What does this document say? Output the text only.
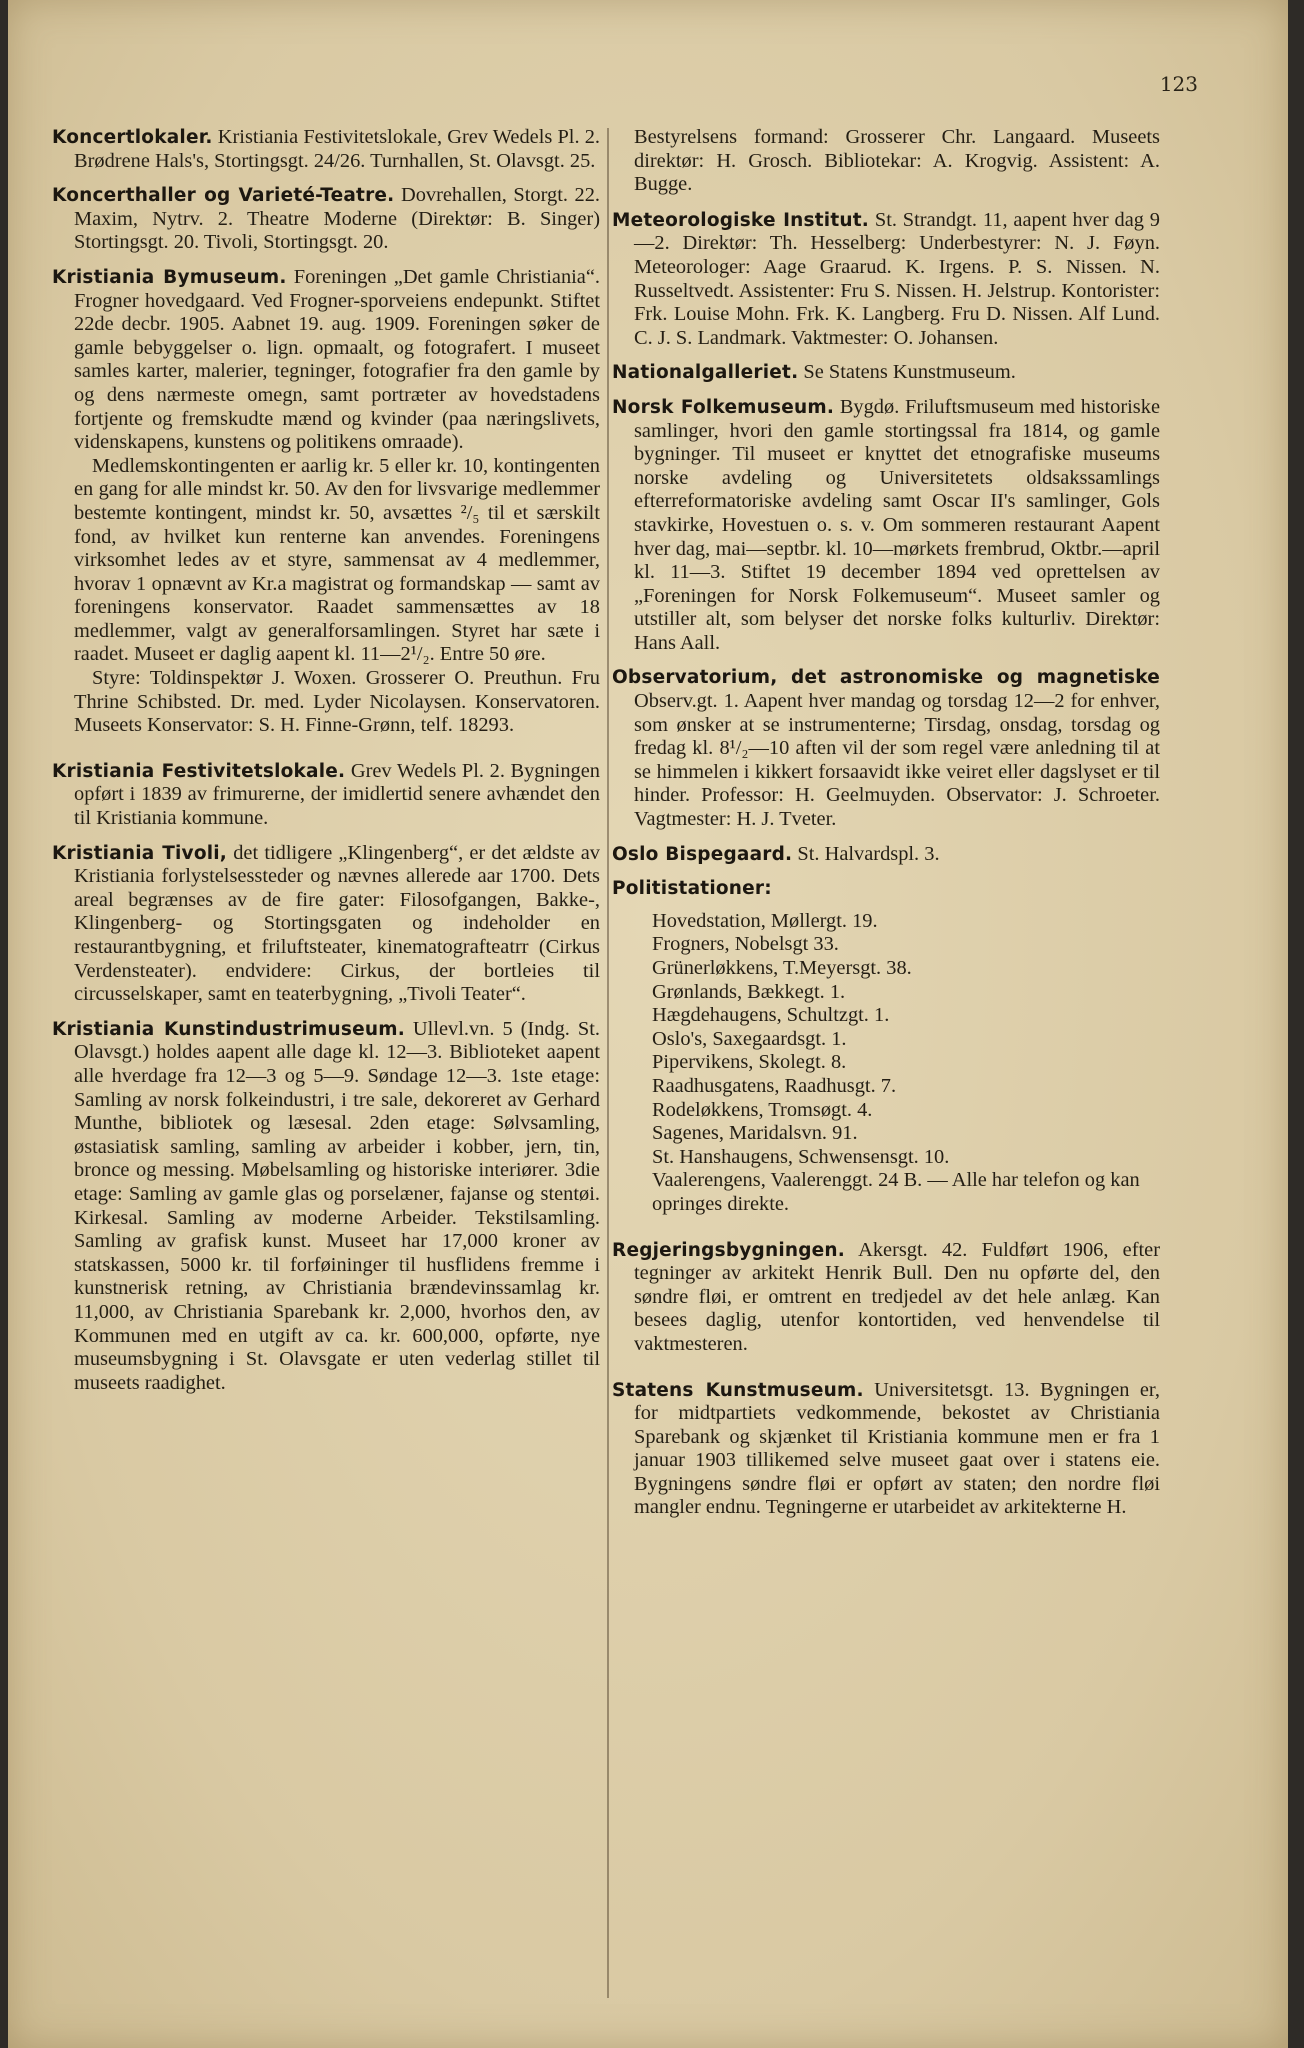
123

Koncertlokaler. Kristiania Festivitetslokale, Grev Wedels Pl. 2. Brødrene Hals's, Stortingsgt. 24/26. Turnhallen, St. Olavsgt. 25.

Koncerthaller og Varieté-Teatre. Dovrehallen, Storgt. 22. Maxim, Nytrv. 2. Theatre Moderne (Direktør: B. Singer) Stortingsgt. 20. Tivoli, Stortingsgt. 20.

Kristiania Bymuseum. Foreningen „Det gamle Christiania“. Frogner hovedgaard. Ved Frogner-sporveiens endepunkt. Stiftet 22de decbr. 1905. Aabnet 19. aug. 1909. Foreningen søker de gamle bebyggelser o. lign. opmaalt, og fotografert. I museet samles karter, malerier, tegninger, fotografier fra den gamle by og dens nærmeste omegn, samt portræter av hovedstadens fortjente og fremskudte mænd og kvinder (paa næringslivets, videnskapens, kunstens og politikens omraade).
Medlemskontingenten er aarlig kr. 5 eller kr. 10, kontingenten en gang for alle mindst kr. 50. Av den for livsvarige medlemmer bestemte kontingent, mindst kr. 50, avsættes ²/₅ til et særskilt fond, av hvilket kun renterne kan anvendes. Foreningens virksomhet ledes av et styre, sammensat av 4 medlemmer, hvorav 1 opnævnt av Kr.a magistrat og formandskap — samt av foreningens konservator. Raadet sammensættes av 18 medlemmer, valgt av generalforsamlingen. Styret har sæte i raadet. Museet er daglig aapent kl. 11—2¹/₂. Entre 50 øre.
Styre: Toldinspektør J. Woxen. Grosserer O. Preuthun. Fru Thrine Schibsted. Dr. med. Lyder Nicolaysen. Konservatoren. Museets Konservator: S. H. Finne-Grønn, telf. 18293.

Kristiania Festivitetslokale. Grev Wedels Pl. 2. Bygningen opført i 1839 av frimurerne, der imidlertid senere avhændet den til Kristiania kommune.

Kristiania Tivoli, det tidligere „Klingenberg“, er det ældste av Kristiania forlystelsessteder og nævnes allerede aar 1700. Dets areal begrænses av de fire gater: Filosofgangen, Bakke-, Klingenberg- og Stortingsgaten og indeholder en restaurantbygning, et friluftsteater, kinematografteatrr (Cirkus Verdensteater). endvidere: Cirkus, der bortleies til circusselskaper, samt en teaterbygning, „Tivoli Teater“.

Kristiania Kunstindustrimuseum. Ullevl.vn. 5 (Indg. St. Olavsgt.) holdes aapent alle dage kl. 12—3. Biblioteket aapent alle hverdage fra 12—3 og 5—9. Søndage 12—3. 1ste etage: Samling av norsk folkeindustri, i tre sale, dekoreret av Gerhard Munthe, bibliotek og læsesal. 2den etage: Sølvsamling, østasiatisk samling, samling av arbeider i kobber, jern, tin, bronce og messing. Møbelsamling og historiske interiører. 3die etage: Samling av gamle glas og porselæner, fajanse og stentøi. Kirkesal. Samling av moderne Arbeider. Tekstilsamling. Samling av grafisk kunst. Museet har 17,000 kroner av statskassen, 5000 kr. til forføininger til husflidens fremme i kunstnerisk retning, av Christiania brændevinssamlag kr. 11,000, av Christiania Sparebank kr. 2,000, hvorhos den, av Kommunen med en utgift av ca. kr. 600,000, opførte, nye museumsbygning i St. Olavsgate er uten vederlag stillet til museets raadighet.

Bestyrelsens formand: Grosserer Chr. Langaard. Museets direktør: H. Grosch. Bibliotekar: A. Krogvig. Assistent: A. Bugge.

Meteorologiske Institut. St. Strandgt. 11, aapent hver dag 9—2. Direktør: Th. Hesselberg: Underbestyrer: N. J. Føyn. Meteorologer: Aage Graarud. K. Irgens. P. S. Nissen. N. Russeltvedt. Assistenter: Fru S. Nissen. H. Jelstrup. Kontorister: Frk. Louise Mohn. Frk. K. Langberg. Fru D. Nissen. Alf Lund. C. J. S. Landmark. Vaktmester: O. Johansen.

Nationalgalleriet. Se Statens Kunstmuseum.

Norsk Folkemuseum. Bygdø. Friluftsmuseum med historiske samlinger, hvori den gamle stortingssal fra 1814, og gamle bygninger. Til museet er knyttet det etnografiske museums norske avdeling og Universitetets oldsakssamlings efterreformatoriske avdeling samt Oscar II's samlinger, Gols stavkirke, Hovestuen o. s. v. Om sommeren restaurant Aapent hver dag, mai—septbr. kl. 10—mørkets frembrud, Oktbr.—april kl. 11—3. Stiftet 19 december 1894 ved oprettelsen av „Foreningen for Norsk Folkemuseum“. Museet samler og utstiller alt, som belyser det norske folks kulturliv. Direktør: Hans Aall.

Observatorium, det astronomiske og magnetiske Observ.gt. 1. Aapent hver mandag og torsdag 12—2 for enhver, som ønsker at se instrumenterne; Tirsdag, onsdag, torsdag og fredag kl. 8¹/₂—10 aften vil der som regel være anledning til at se himmelen i kikkert forsaavidt ikke veiret eller dagslyset er til hinder. Professor: H. Geelmuyden. Observator: J. Schroeter. Vagtmester: H. J. Tveter.

Oslo Bispegaard. St. Halvardspl. 3.

Politistationer:

Hovedstation, Møllergt. 19.

Frogners, Nobelsgt 33.

Grünerløkkens, T.Meyersgt. 38.

Grønlands, Bækkegt. 1.

Hægdehaugens, Schultzgt. 1.

Oslo's, Saxegaardsgt. 1.

Pipervikens, Skolegt. 8.

Raadhusgatens, Raadhusgt. 7.

Rodeløkkens, Tromsøgt. 4.

Sagenes, Maridalsvn. 91.

St. Hanshaugens, Schwensensgt. 10.

Vaalerengens, Vaalerenggt. 24 B. — Alle har telefon og kan opringes direkte.

Regjeringsbygningen. Akersgt. 42. Fuldført 1906, efter tegninger av arkitekt Henrik Bull. Den nu opførte del, den søndre fløi, er omtrent en tredjedel av det hele anlæg. Kan besees daglig, utenfor kontortiden, ved henvendelse til vaktmesteren.

Statens Kunstmuseum. Universitetsgt. 13. Bygningen er, for midtpartiets vedkommende, bekostet av Christiania Sparebank og skjænket til Kristiania kommune men er fra 1 januar 1903 tillikemed selve museet gaat over i statens eie. Bygningens søndre fløi er opført av staten; den nordre fløi mangler endnu. Tegningerne er utarbeidet av arkitekterne H.
